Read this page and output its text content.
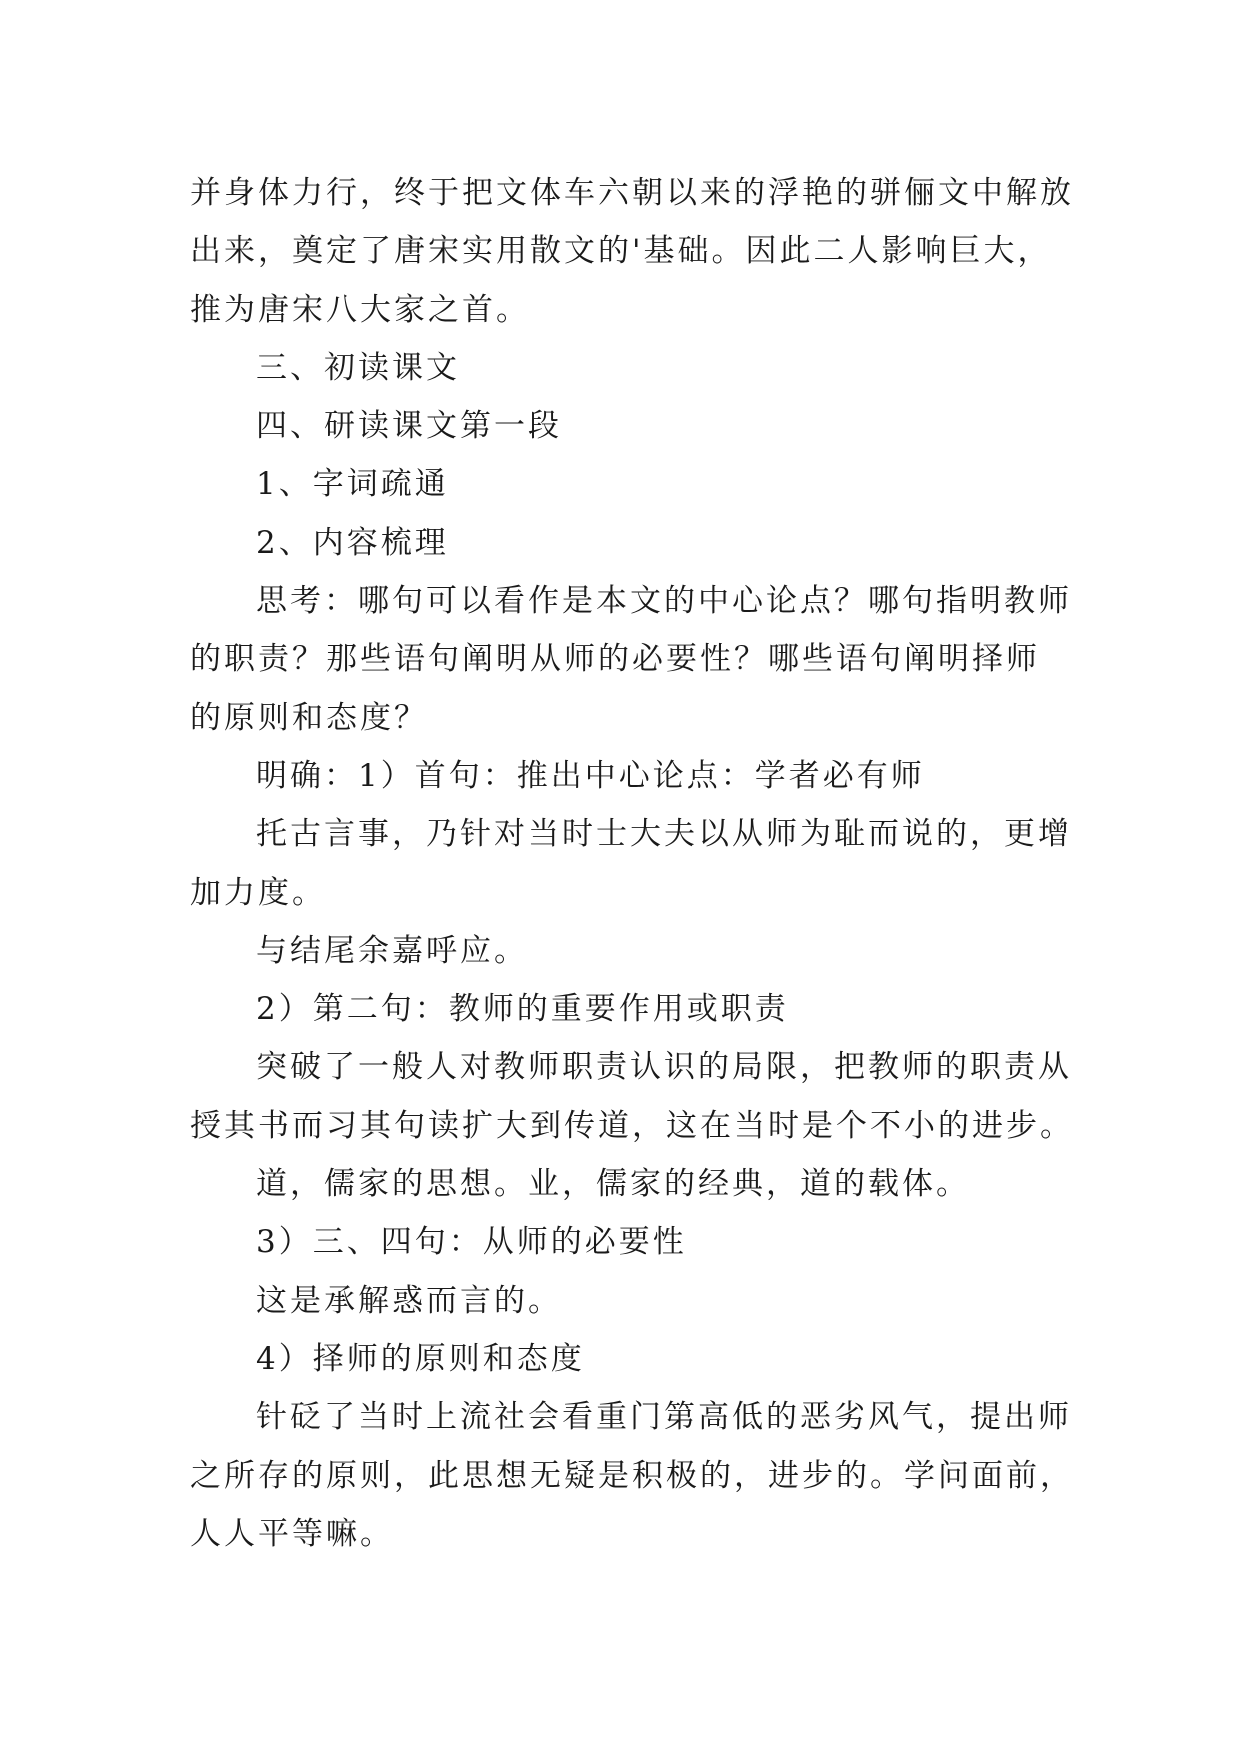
并身体力行，终于把文体车六朝以来的浮艳的骈俪文中解放
出来，奠定了唐宋实用散文的'基础。因此二人影响巨大，
推为唐宋八大家之首。
三、初读课文
四、研读课文第一段
1、字词疏通
2、内容梳理
思考：哪句可以看作是本文的中心论点？哪句指明教师
的职责？那些语句阐明从师的必要性？哪些语句阐明择师
的原则和态度？
明确：1）首句：推出中心论点：学者必有师
托古言事，乃针对当时士大夫以从师为耻而说的，更增
加力度。
与结尾余嘉呼应。
2）第二句：教师的重要作用或职责
突破了一般人对教师职责认识的局限，把教师的职责从
授其书而习其句读扩大到传道，这在当时是个不小的进步。
道，儒家的思想。业，儒家的经典，道的载体。
3）三、四句：从师的必要性
这是承解惑而言的。
4）择师的原则和态度
针砭了当时上流社会看重门第高低的恶劣风气，提出师
之所存的原则，此思想无疑是积极的，进步的。学问面前，
人人平等嘛。
